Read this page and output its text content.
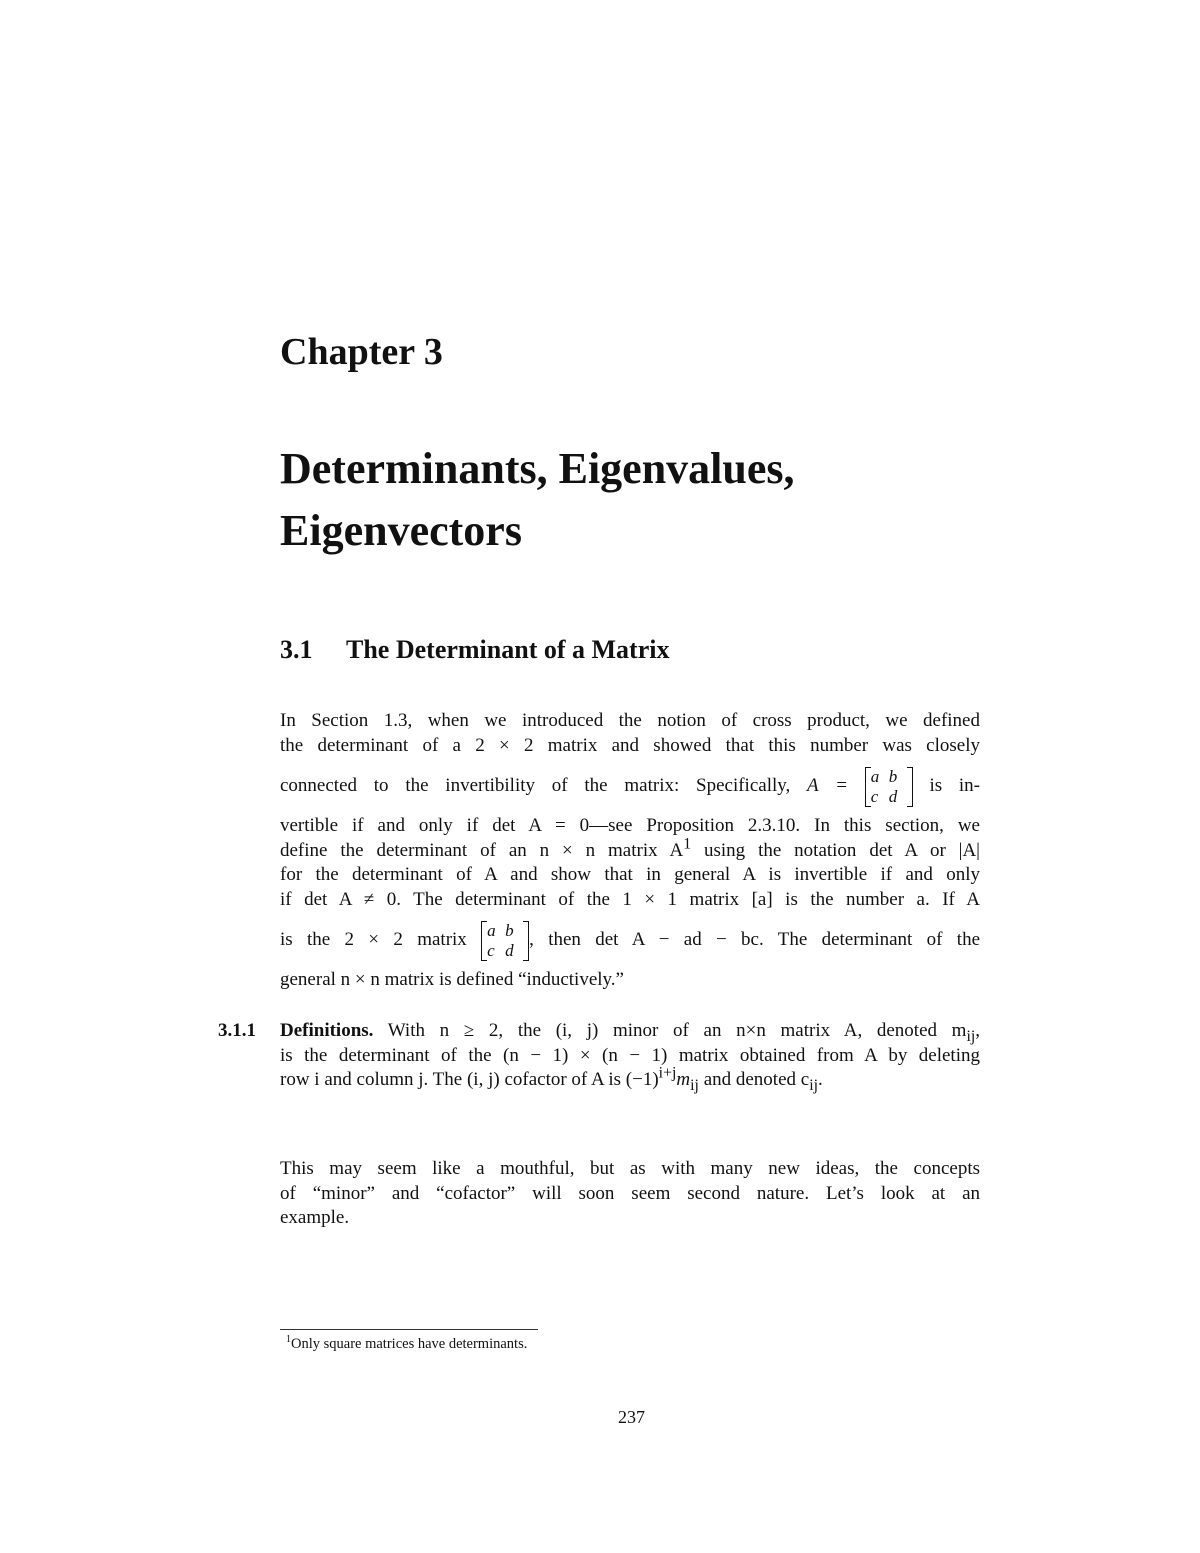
Chapter 3
Determinants, Eigenvalues,
Eigenvectors
3.1 The Determinant of a Matrix
In Section 1.3, when we introduced the notion of cross product, we defined
the determinant of a 2 × 2 matrix and showed that this number was closely
connected to the invertibility of the matrix: Specifically, A = a b
c d
is in-
vertible if and only if det A = 0—see Proposition 2.3.10. In this section, we
define the determinant of an n × n matrix $A^1$ using the notation det A or |A|
for the determinant of A and show that in general A is invertible if and only
if det A ≠ 0. The determinant of the 1 × 1 matrix [a] is the number a. If A
is the 2 × 2 matrix a b
c d
, then det A − ad − bc. The determinant of the
general n × n matrix is defined “inductively.”
3.1.1 Definitions. With n ≥ 2, the (i, j) minor of an n×n matrix A, denoted $m_{ij}$,
is the determinant of the (n − 1) × (n − 1) matrix obtained from A by deleting
row i and column j. The (i, j) cofactor of A is $(-1)^{i+j}m_{ij}$ and denoted $c_{ij}$.
This may seem like a mouthful, but as with many new ideas, the concepts
of “minor” and “cofactor” will soon seem second nature. Let’s look at an
example.

$^1$Only square matrices have determinants.

237
